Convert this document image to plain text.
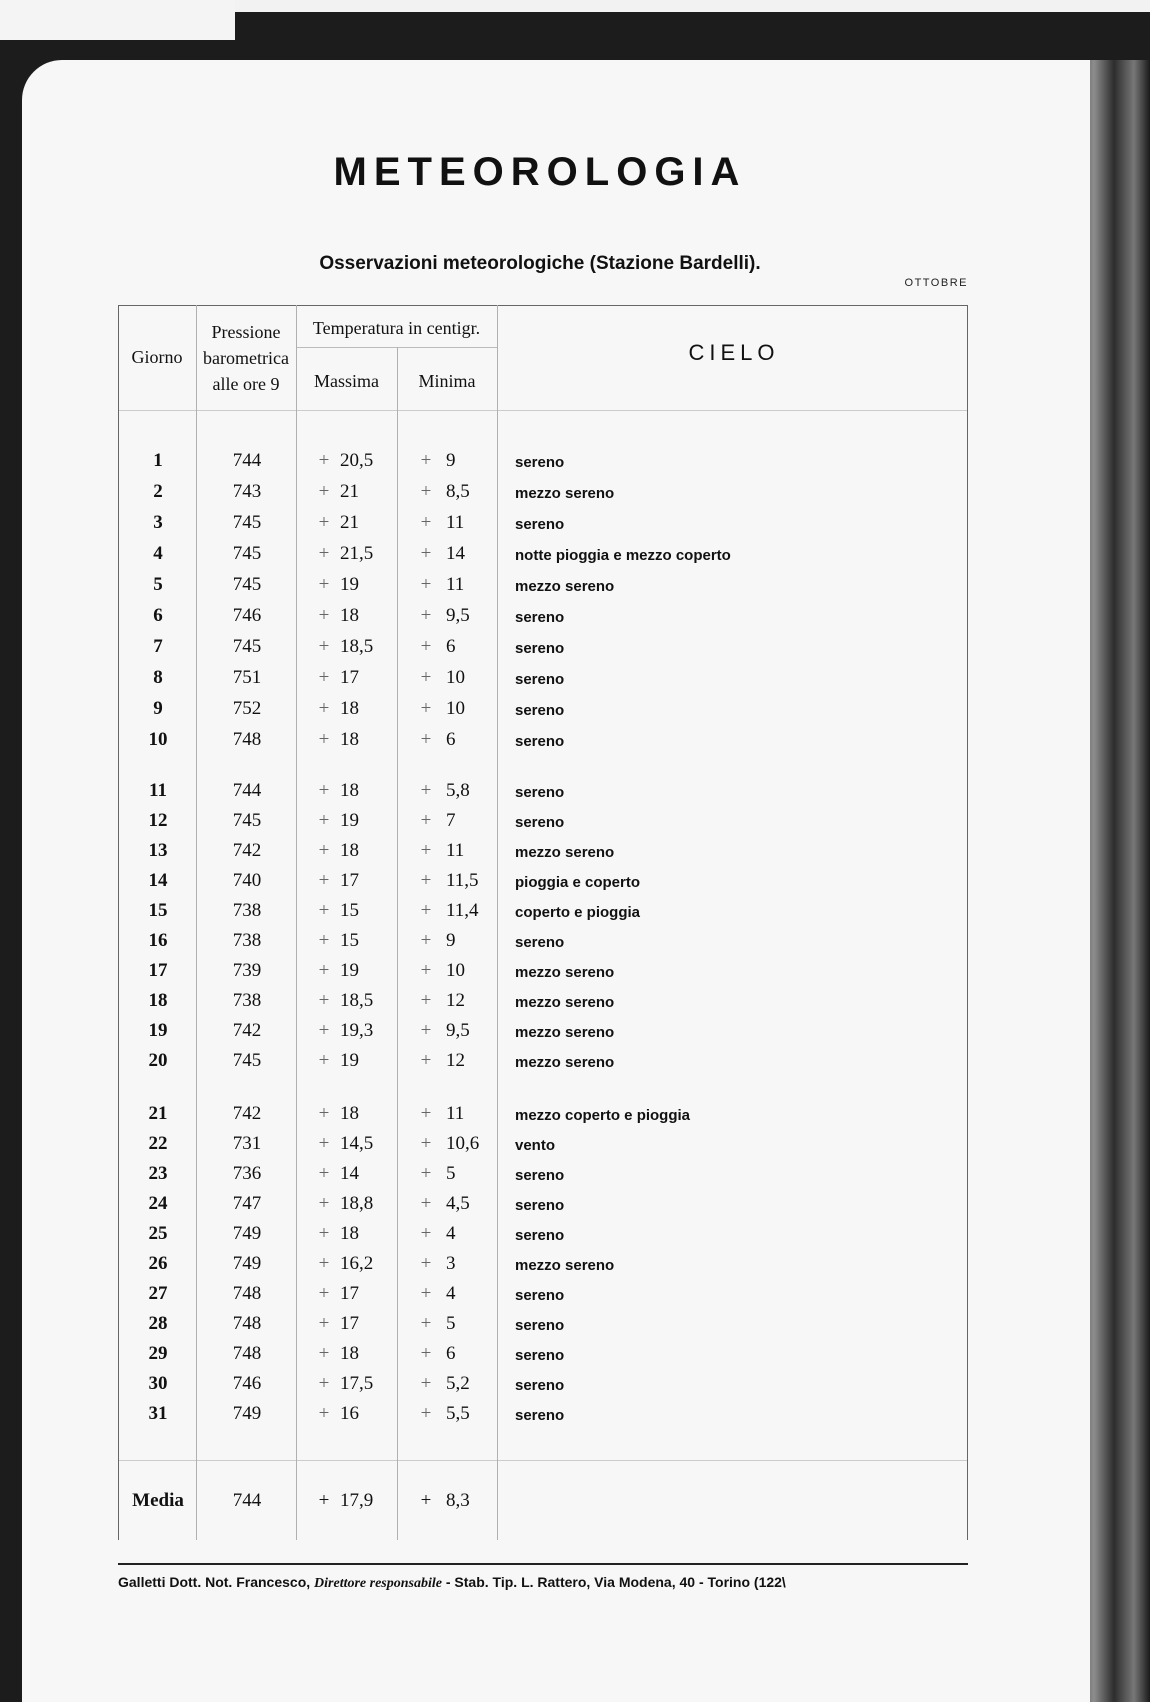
METEOROLOGIA
Osservazioni meteorologiche (Stazione Bardelli).
OTTOBRE
Giorno
Pressione
barometrica
alle ore 9
Temperatura in centigr.
Massima	Minima
CIELO
1	744	+ 20,5	+ 9	sereno
2	743	+ 21	+ 8,5	mezzo sereno
3	745	+ 21	+ 11	sereno
4	745	+ 21,5	+ 14	notte pioggia e mezzo coperto
5	745	+ 19	+ 11	mezzo sereno
6	746	+ 18	+ 9,5	sereno
7	745	+ 18,5	+ 6	sereno
8	751	+ 17	+ 10	sereno
9	752	+ 18	+ 10	sereno
10	748	+ 18	+ 6	sereno
11	744	+ 18	+ 5,8	sereno
12	745	+ 19	+ 7	sereno
13	742	+ 18	+ 11	mezzo sereno
14	740	+ 17	+ 11,5	pioggia e coperto
15	738	+ 15	+ 11,4	coperto e pioggia
16	738	+ 15	+ 9	sereno
17	739	+ 19	+ 10	mezzo sereno
18	738	+ 18,5	+ 12	mezzo sereno
19	742	+ 19,3	+ 9,5	mezzo sereno
20	745	+ 19	+ 12	mezzo sereno
21	742	+ 18	+ 11	mezzo coperto e pioggia
22	731	+ 14,5	+ 10,6	vento
23	736	+ 14	+ 5	sereno
24	747	+ 18,8	+ 4,5	sereno
25	749	+ 18	+ 4	sereno
26	749	+ 16,2	+ 3	mezzo sereno
27	748	+ 17	+ 4	sereno
28	748	+ 17	+ 5	sereno
29	748	+ 18	+ 6	sereno
30	746	+ 17,5	+ 5,2	sereno
31	749	+ 16	+ 5,5	sereno
Media	744	+ 17,9	+ 8,3
Galletti Dott. Not. Francesco, Direttore responsabile - Stab. Tip. L. Rattero, Via Modena, 40 - Torino (122\
